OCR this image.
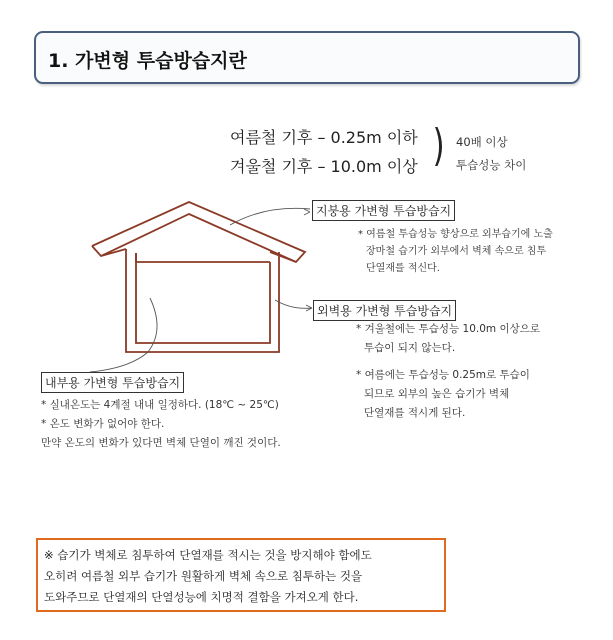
1. 가변형 투습방습지란
여름철 기후 – 0.25m 이하
겨울철 기후 – 10.0m 이상 ) 40배 이상
투습성능 차이
지붕용 가변형 투습방습지
* 여름철 투습성능 향상으로 외부습기에 노출
장마철 습기가 외부에서 벽체 속으로 침투
단열재를 적신다.
외벽용 가변형 투습방습지
* 겨울철에는 투습성능 10.0m 이상으로
투습이 되지 않는다.
* 여름에는 투습성능 0.25m로 투습이
되므로 외부의 높은 습기가 벽체
단열재를 적시게 된다.
내부용 가변형 투습방습지
* 실내온도는 4계절 내내 일정하다. (18℃ ~ 25℃)
* 온도 변화가 없어야 한다.
만약 온도의 변화가 있다면 벽체 단열이 깨진 것이다.
※ 습기가 벽체로 침투하여 단열재를 적시는 것을 방지해야 함에도
오히려 여름철 외부 습기가 원활하게 벽체 속으로 침투하는 것을
도와주므로 단열재의 단열성능에 치명적 결함을 가져오게 한다.
